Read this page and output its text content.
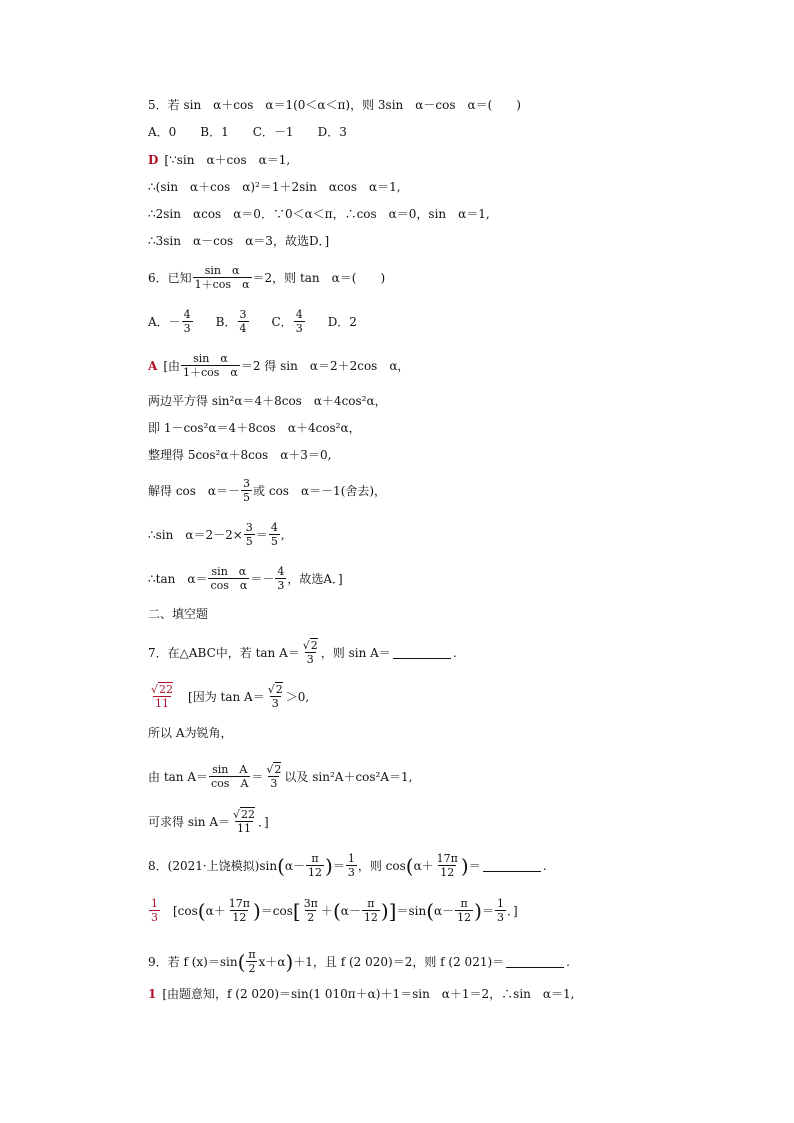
5．若 sin　α＋cos　α＝1(0＜α＜π)，则 3sin　α－cos　α＝(　　)
A．0　　B．1　　C．－1　　D．3
D [∵sin　α＋cos　α＝1,
∴(sin　α＋cos　α)²＝1＋2sin　αcos　α＝1,
∴2sin　αcos　α＝0．∵0＜α＜π，∴cos　α＝0，sin　α＝1,
∴3sin　α－cos　α＝3，故选D．]
6．已知 $\frac{\text{sin　α}}{\text{1＋cos　α}} =2$，则 tan　α＝(　　)
A．－ $\frac{4}{3}$ B． $\frac{3}{4}$ C． $\frac{4}{3}$ D．2
A [由 $\frac{\text{sin　α}}{\text{1＋cos　α}} =2$ 得 sin　α＝2＋2cos　α，
两边平方得 sin²α＝4＋8cos　α＋4cos²α，
即 1－cos²α＝4＋8cos　α＋4cos²α，
整理得 5cos²α＋8cos　α＋3＝0,
解得 cos　$\alpha=- \frac{3}{5}$ 或 cos　α＝－1(舍去)，
∴sin　$\alpha=2-2\times \frac{3}{5} = \frac{4}{5}$ ,
∴tan　$\alpha= \frac{\text{sin　α}}{\text{cos　α}} =- \frac{4}{3}$ ，故选A．]
二、填空题
7．在△ABC中，若 $\tan A= \frac{√2}{3}$ ，则 sin A＝	.
$\frac{√22}{11}$ [因为 $\tan A= \frac{√2}{3} >0$,
所以 A为锐角，
由 $\tan A= \frac{\text{sin　A}}{\text{cos　A}} = \frac{√2}{3}$ 以及 sin²A＋cos²A＝1,
可求得 $\sin A= \frac{√22}{11}$ ．]
8．(2021·上饶模拟)sin ( $\alpha- \frac{\pi}{12}$ ) ＝ $\frac{1}{3}$ ，则 cos ( $\alpha+ \frac{17\pi}{12}$ ) ＝	.
$\frac{1}{3} [\cos$ ( $\alpha+ \frac{17\pi}{12}$ ) ＝cos [ $\frac{3\pi}{2}$ ＋ ( $\alpha- \frac{\pi}{12}$ )] ＝sin ( $\alpha- \frac{\pi}{12}$ ) ＝ $\frac{1}{3}$ ．]
9．若 f (x)＝sin ( $\frac{\pi}{2} x+\alpha$ ) ＋1，且 f (2 020)＝2，则 f (2 021)＝	.
1 [由题意知，f (2 020)＝sin(1 010π＋α)＋1＝sin　α＋1＝2，∴sin　α＝1,
